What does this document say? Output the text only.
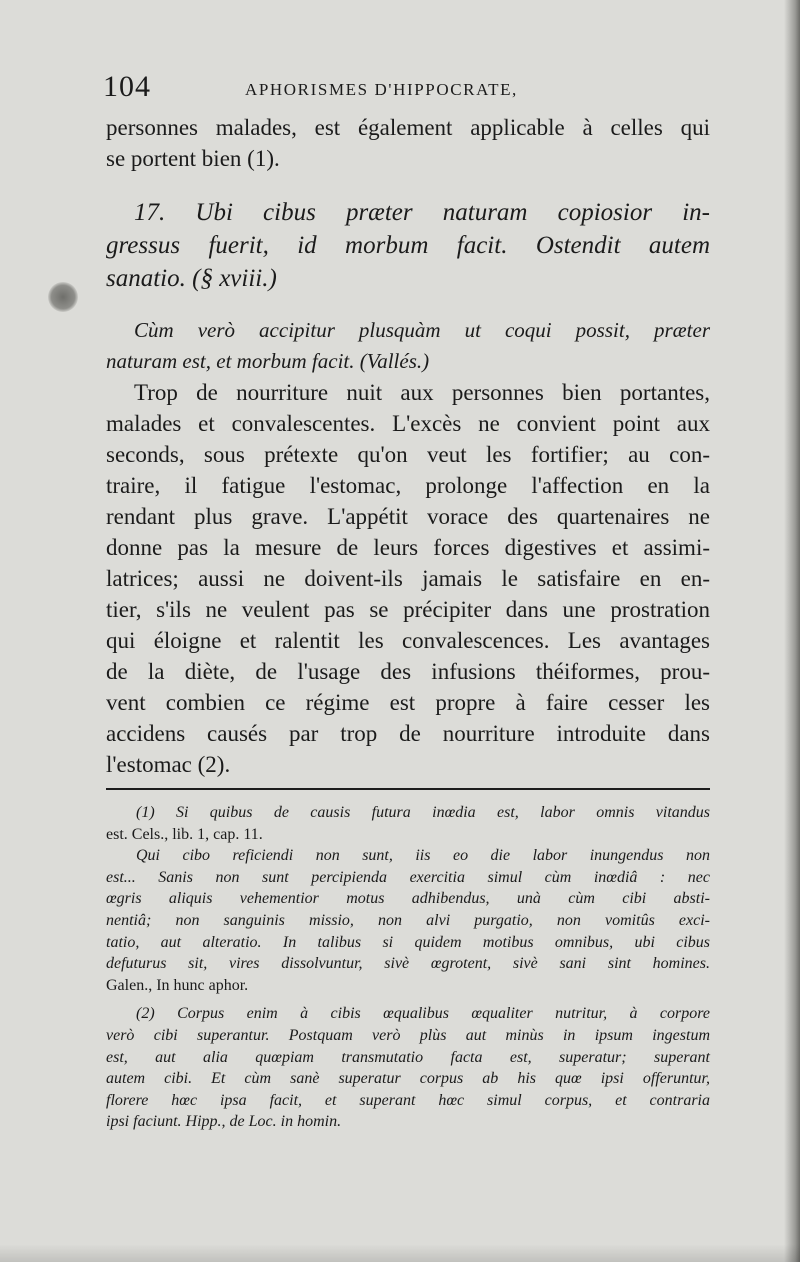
104	APHORISMES D'HIPPOCRATE,
personnes malades, est également applicable à celles qui
se portent bien (1).
17. Ubi cibus præter naturam copiosior in-
gressus fuerit, id morbum facit. Ostendit autem
sanatio. (§ xviii.)
Cùm verò accipitur plusquàm ut coqui possit, præter
naturam est, et morbum facit. (Vallés.)
Trop de nourriture nuit aux personnes bien portantes,
malades et convalescentes. L'excès ne convient point aux
seconds, sous prétexte qu'on veut les fortifier; au con-
traire, il fatigue l'estomac, prolonge l'affection en la
rendant plus grave. L'appétit vorace des quartenaires ne
donne pas la mesure de leurs forces digestives et assimi-
latrices; aussi ne doivent-ils jamais le satisfaire en en-
tier, s'ils ne veulent pas se précipiter dans une prostration
qui éloigne et ralentit les convalescences. Les avantages
de la diète, de l'usage des infusions théiformes, prou-
vent combien ce régime est propre à faire cesser les
accidens causés par trop de nourriture introduite dans
l'estomac (2).
(1) Si quibus de causis futura inœdia est, labor omnis vitandus
est. Cels., lib. 1, cap. 11.
Qui cibo reficiendi non sunt, iis eo die labor inungendus non
est... Sanis non sunt percipienda exercitia simul cùm inœdiâ : nec
œgris aliquis vehementior motus adhibendus, unà cùm cibi absti-
nentiâ; non sanguinis missio, non alvi purgatio, non vomitûs exci-
tatio, aut alteratio. In talibus si quidem motibus omnibus, ubi cibus
defuturus sit, vires dissolvuntur, sivè œgrotent, sivè sani sint homines.
Galen., In hunc aphor.
(2) Corpus enim à cibis œqualibus œqualiter nutritur, à corpore
verò cibi superantur. Postquam verò plùs aut minùs in ipsum ingestum
est, aut alia quœpiam transmutatio facta est, superatur; superant
autem cibi. Et cùm sanè superatur corpus ab his quœ ipsi offeruntur,
florere hœc ipsa facit, et superant hœc simul corpus, et contraria
ipsi faciunt. Hipp., de Loc. in homin.
